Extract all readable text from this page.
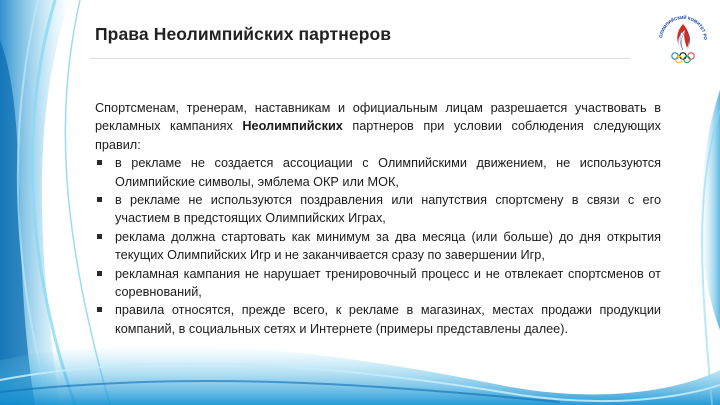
Права Неолимпийских партнеров	ОЛИМПИЙСКИЙ КОМИТЕТ РО

Спортсменам, тренерам, наставникам и официальным лицам разрешается участвовать в рекламных кампаниях Неолимпийских партнеров при условии соблюдения следующих правил:

в рекламе не создается ассоциации с Олимпийскими движением, не используются Олимпийские символы, эмблема ОКР или МОК,
в рекламе не используются поздравления или напутствия спортсмену в связи с его участием в предстоящих Олимпийских Играх,
реклама должна стартовать как минимум за два месяца (или больше) до дня открытия текущих Олимпийских Игр и не заканчивается сразу по завершении Игр,
рекламная кампания не нарушает тренировочный процесс и не отвлекает спортсменов от соревнований,
правила относятся, прежде всего, к рекламе в магазинах, местах продажи продукции компаний, в социальных сетях и Интернете (примеры представлены далее).
